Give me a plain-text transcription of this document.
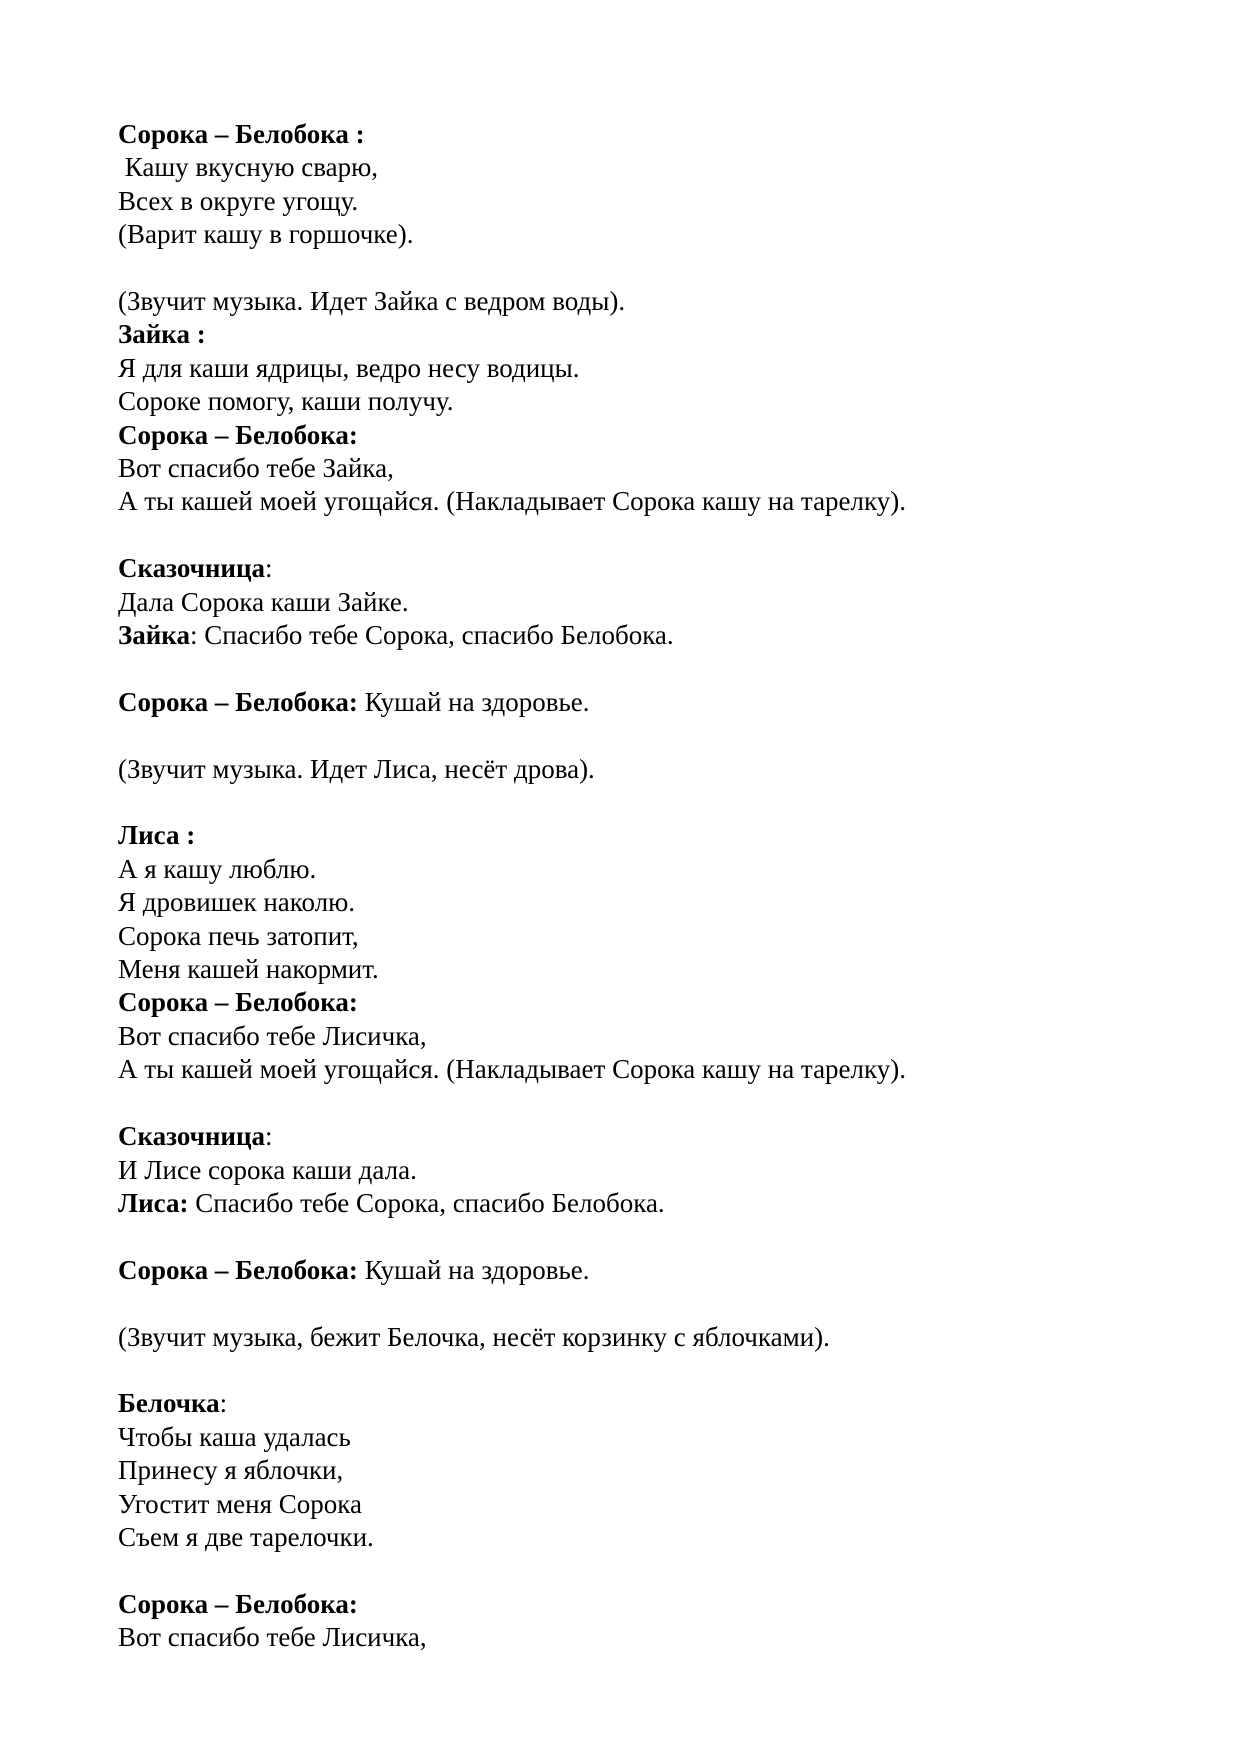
Сорока – Белобока :
Кашу вкусную сварю,
Всех в округе угощу.
(Варит кашу в горшочке).
(Звучит музыка. Идет Зайка с ведром воды).
Зайка :
Я для каши ядрицы, ведро несу водицы.
Сороке помогу, каши получу.
Сорока – Белобока:
Вот спасибо тебе Зайка,
А ты кашей моей угощайся. (Накладывает Сорока кашу на тарелку).
Сказочница:
Дала Сорока каши Зайке.
Зайка: Спасибо тебе Сорока, спасибо Белобока.
Сорока – Белобока: Кушай на здоровье.
(Звучит музыка. Идет Лиса, несёт дрова).
Лиса :
А я кашу люблю.
Я дровишек наколю.
Сорока печь затопит,
Меня кашей накормит.
Сорока – Белобока:
Вот спасибо тебе Лисичка,
А ты кашей моей угощайся. (Накладывает Сорока кашу на тарелку).
Сказочница:
И Лисе сорока каши дала.
Лиса: Спасибо тебе Сорока, спасибо Белобока.
Сорока – Белобока: Кушай на здоровье.
(Звучит музыка, бежит Белочка, несёт корзинку с яблочками).
Белочка:
Чтобы каша удалась
Принесу я яблочки,
Угостит меня Сорока
Съем я две тарелочки.
Сорока – Белобока:
Вот спасибо тебе Лисичка,
